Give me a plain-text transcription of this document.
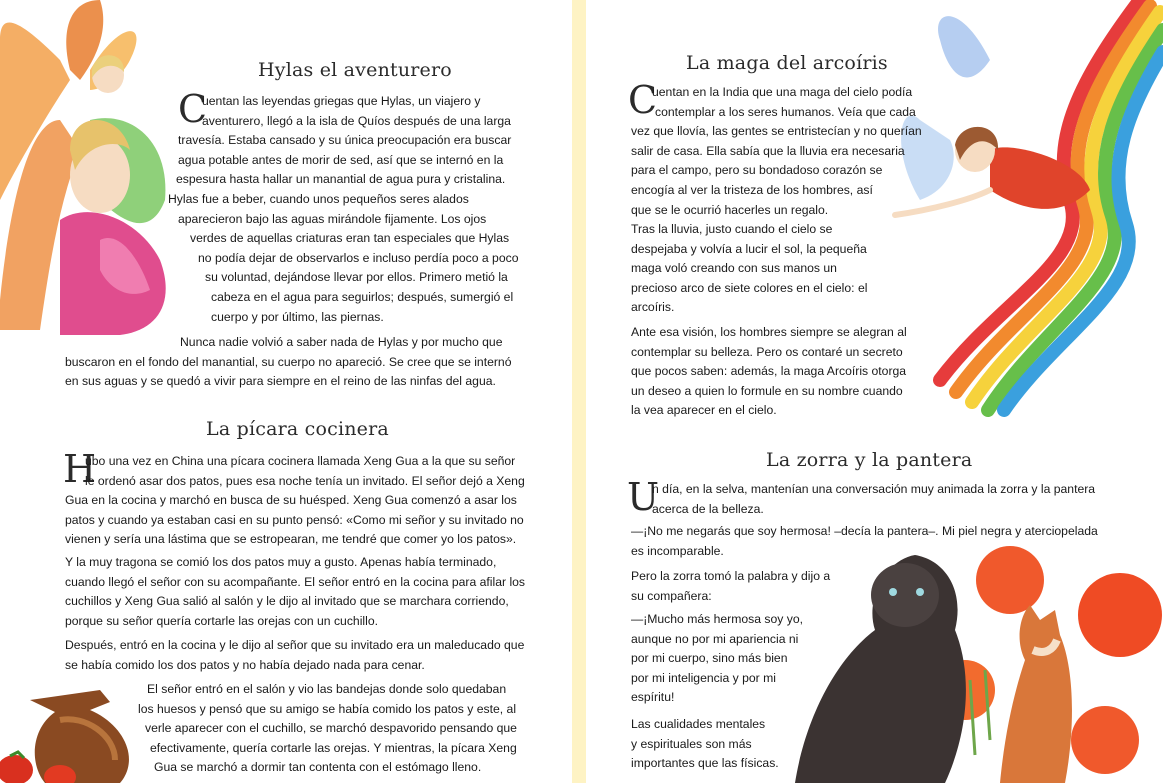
Hylas el aventurero
C
uentan las leyendas griegas que Hylas, un viajero y
aventurero, llegó a la isla de Quíos después de una larga
travesía. Estaba cansado y su única preocupación era buscar
agua potable antes de morir de sed, así que se internó en la
espesura hasta hallar un manantial de agua pura y cristalina.
Hylas fue a beber, cuando unos pequeños seres alados
aparecieron bajo las aguas mirándole fijamente. Los ojos
verdes de aquellas criaturas eran tan especiales que Hylas
no podía dejar de observarlos e incluso perdía poco a poco
su voluntad, dejándose llevar por ellos. Primero metió la
cabeza en el agua para seguirlos; después, sumergió el
cuerpo y por último, las piernas.
Nunca nadie volvió a saber nada de Hylas y por mucho que
buscaron en el fondo del manantial, su cuerpo no apareció. Se cree que se internó
en sus aguas y se quedó a vivir para siempre en el reino de las ninfas del agua.
La pícara cocinera
H
ubo una vez en China una pícara cocinera llamada Xeng Gua a la que su señor
le ordenó asar dos patos, pues esa noche tenía un invitado. El señor dejó a Xeng
Gua en la cocina y marchó en busca de su huésped. Xeng Gua comenzó a asar los
patos y cuando ya estaban casi en su punto pensó: «Como mi señor y su invitado no
vienen y sería una lástima que se estropearan, me tendré que comer yo los patos».
Y la muy tragona se comió los dos patos muy a gusto. Apenas había terminado,
cuando llegó el señor con su acompañante. El señor entró en la cocina para afilar los
cuchillos y Xeng Gua salió al salón y le dijo al invitado que se marchara corriendo,
porque su señor quería cortarle las orejas con un cuchillo.
Después, entró en la cocina y le dijo al señor que su invitado era un maleducado que
se había comido los dos patos y no había dejado nada para cenar.
El señor entró en el salón y vio las bandejas donde solo quedaban
los huesos y pensó que su amigo se había comido los patos y este, al
verle aparecer con el cuchillo, se marchó despavorido pensando que
efectivamente, quería cortarle las orejas. Y mientras, la pícara Xeng
Gua se marchó a dormir tan contenta con el estómago lleno.
La maga del arcoíris
C
uentan en la India que una maga del cielo podía
contemplar a los seres humanos. Veía que cada
vez que llovía, las gentes se entristecían y no querían
salir de casa. Ella sabía que la lluvia era necesaria
para el campo, pero su bondadoso corazón se
encogía al ver la tristeza de los hombres, así
que se le ocurrió hacerles un regalo.
Tras la lluvia, justo cuando el cielo se
despejaba y volvía a lucir el sol, la pequeña
maga voló creando con sus manos un
precioso arco de siete colores en el cielo: el
arcoíris.
Ante esa visión, los hombres siempre se alegran al
contemplar su belleza. Pero os contaré un secreto
que pocos saben: además, la maga Arcoíris otorga
un deseo a quien lo formule en su nombre cuando
la vea aparecer en el cielo.
La zorra y la pantera
U
n día, en la selva, mantenían una conversación muy animada la zorra y la pantera
acerca de la belleza.
—¡No me negarás que soy hermosa! –decía la pantera–. Mi piel negra y aterciopelada
es incomparable.
Pero la zorra tomó la palabra y dijo a
su compañera:
—¡Mucho más hermosa soy yo,
aunque no por mi apariencia ni
por mi cuerpo, sino más bien
por mi inteligencia y por mi
espíritu!
Las cualidades mentales
y espirituales son más
importantes que las físicas.
